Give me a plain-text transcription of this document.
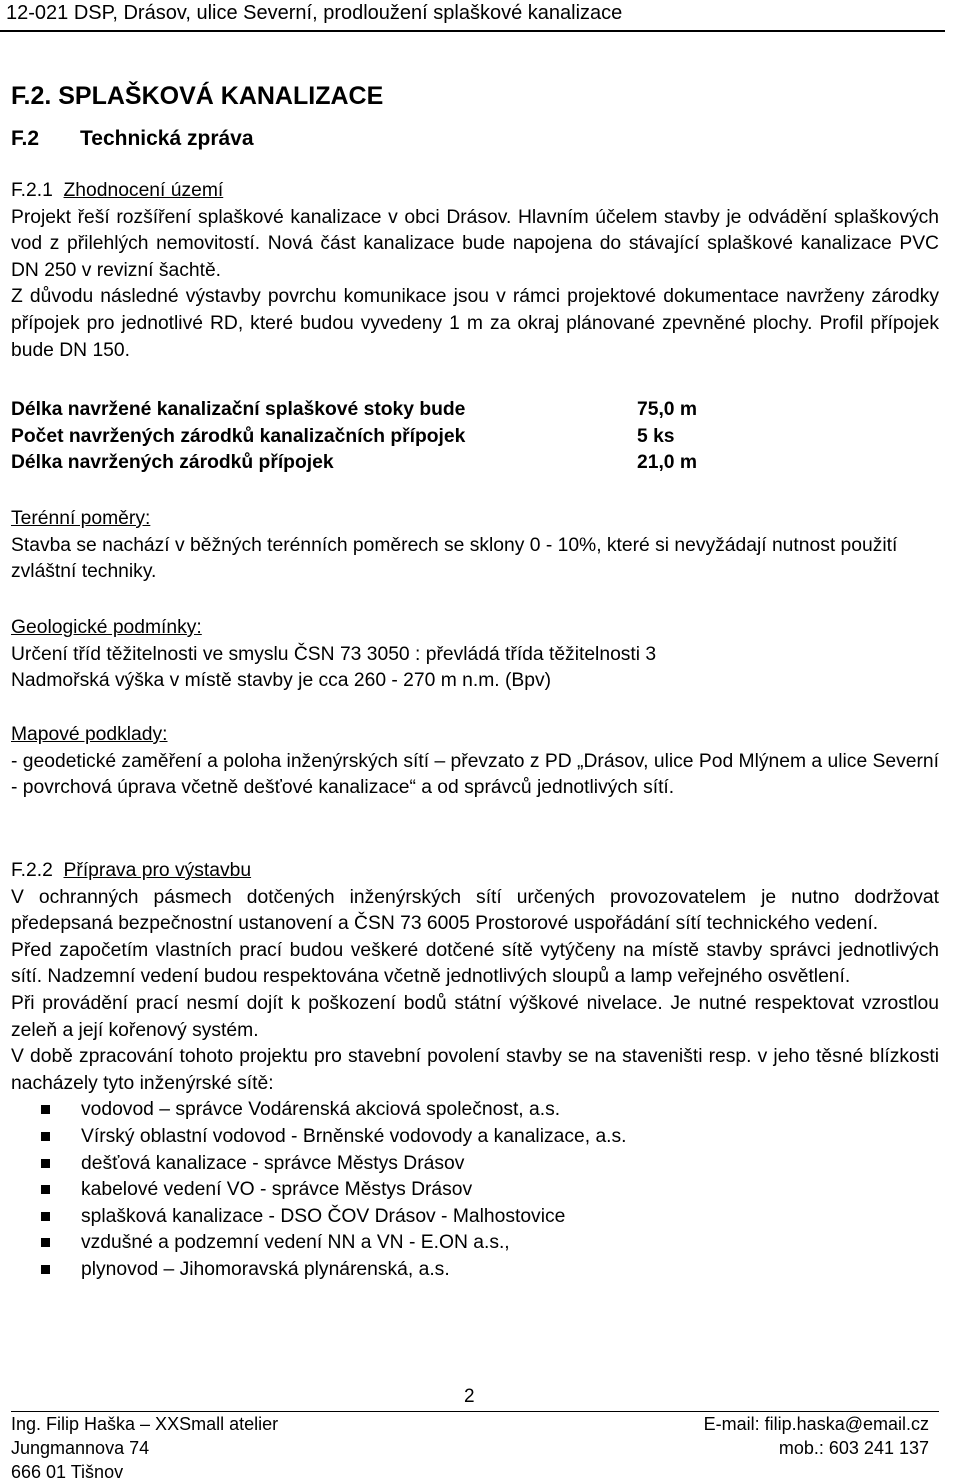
12-021 DSP, Drásov, ulice Severní, prodloužení splaškové kanalizace
F.2. SPLAŠKOVÁ KANALIZACE
F.2 Technická zpráva
F.2.1 Zhodnocení území
Projekt řeší rozšíření splaškové kanalizace v obci Drásov. Hlavním účelem stavby je odvádění splaškových vod z přilehlých nemovitostí. Nová část kanalizace bude napojena do stávající splaškové kanalizace PVC DN 250 v revizní šachtě.
Z důvodu následné výstavby povrchu komunikace jsou v rámci projektové dokumentace navrženy zárodky přípojek pro jednotlivé RD, které budou vyvedeny 1 m za okraj plánované zpevněné plochy. Profil přípojek bude DN 150.
Délka navržené kanalizační splaškové stoky bude	75,0 m
Počet navržených zárodků kanalizačních přípojek	5 ks
Délka navržených zárodků přípojek	21,0 m
Terénní poměry:
Stavba se nachází v běžných terénních poměrech se sklony 0 - 10%, které si nevyžádají nutnost použití zvláštní techniky.
Geologické podmínky:
Určení tříd těžitelnosti ve smyslu ČSN 73 3050 : převládá třída těžitelnosti 3
Nadmořská výška v místě stavby je cca 260 - 270 m n.m. (Bpv)
Mapové podklady:
- geodetické zaměření a poloha inženýrských sítí – převzato z PD „Drásov, ulice Pod Mlýnem a ulice Severní - povrchová úprava včetně dešťové kanalizace“ a od správců jednotlivých sítí.
F.2.2 Příprava pro výstavbu
V ochranných pásmech dotčených inženýrských sítí určených provozovatelem je nutno dodržovat předepsaná bezpečnostní ustanovení a ČSN 73 6005 Prostorové uspořádání sítí technického vedení.
Před započetím vlastních prací budou veškeré dotčené sítě vytýčeny na místě stavby správci jednotlivých sítí. Nadzemní vedení budou respektována včetně jednotlivých sloupů a lamp veřejného osvětlení.
Při provádění prací nesmí dojít k poškození bodů státní výškové nivelace. Je nutné respektovat vzrostlou zeleň a její kořenový systém.
V době zpracování tohoto projektu pro stavební povolení stavby se na staveništi resp. v jeho těsné blízkosti nacházely tyto inženýrské sítě:
vodovod – správce Vodárenská akciová společnost, a.s.
Vírský oblastní vodovod - Brněnské vodovody a kanalizace, a.s.
dešťová kanalizace - správce Městys Drásov
kabelové vedení VO - správce Městys Drásov
splašková kanalizace - DSO ČOV Drásov - Malhostovice
vzdušné a podzemní vedení NN a VN - E.ON a.s.,
plynovod – Jihomoravská plynárenská, a.s.
2
Ing. Filip Haška – XXSmall atelier
Jungmannova 74
666 01 Tišnov
E-mail: filip.haska@email.cz
mob.: 603 241 137
